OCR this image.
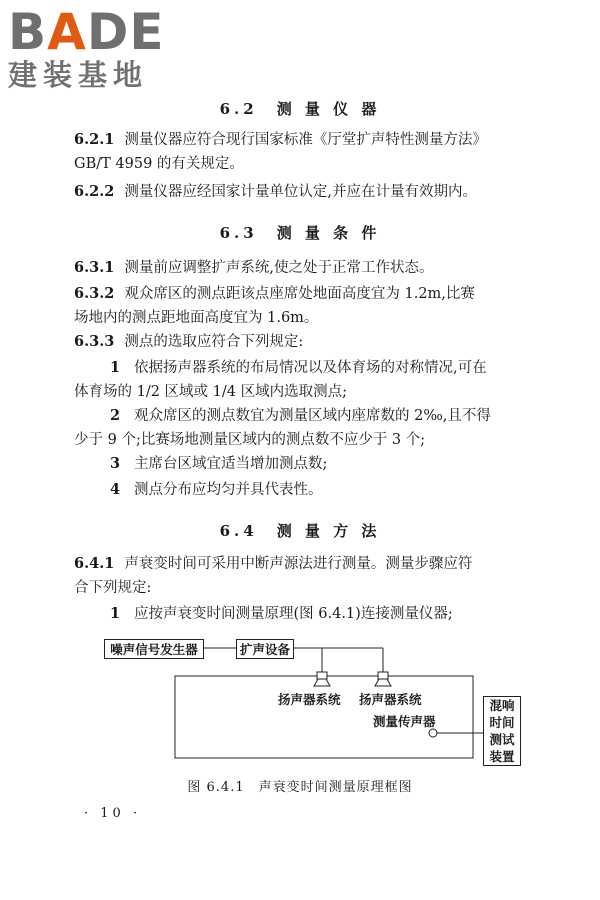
BADE
建装基地
6.2　测 量 仪 器
6.2.1 测量仪器应符合现行国家标准《厅堂扩声特性测量方法》
GB/T 4959 的有关规定。
6.2.2 测量仪器应经国家计量单位认定,并应在计量有效期内。
6.3　测 量 条 件
6.3.1 测量前应调整扩声系统,使之处于正常工作状态。
6.3.2 观众席区的测点距该点座席处地面高度宜为 1.2m,比赛
场地内的测点距地面高度宜为 1.6m。
6.3.3 测点的选取应符合下列规定:
1 依据扬声器系统的布局情况以及体育场的对称情况,可在
体育场的 1/2 区域或 1/4 区域内选取测点;
2 观众席区的测点数宜为测量区域内座席数的 2‰,且不得
少于 9 个;比赛场地测量区域内的测点数不应少于 3 个;
3 主席台区域宜适当增加测点数;
4 测点分布应均匀并具代表性。
6.4　测 量 方 法
6.4.1 声衰变时间可采用中断声源法进行测量。测量步骤应符
合下列规定:
1 应按声衰变时间测量原理(图 6.4.1)连接测量仪器;
噪声信号发生器	扩声设备
扬声器系统 扬声器系统
测量传声器
混响
时间
测试
装置
图 6.4.1　声衰变时间测量原理框图
· 10 ·
